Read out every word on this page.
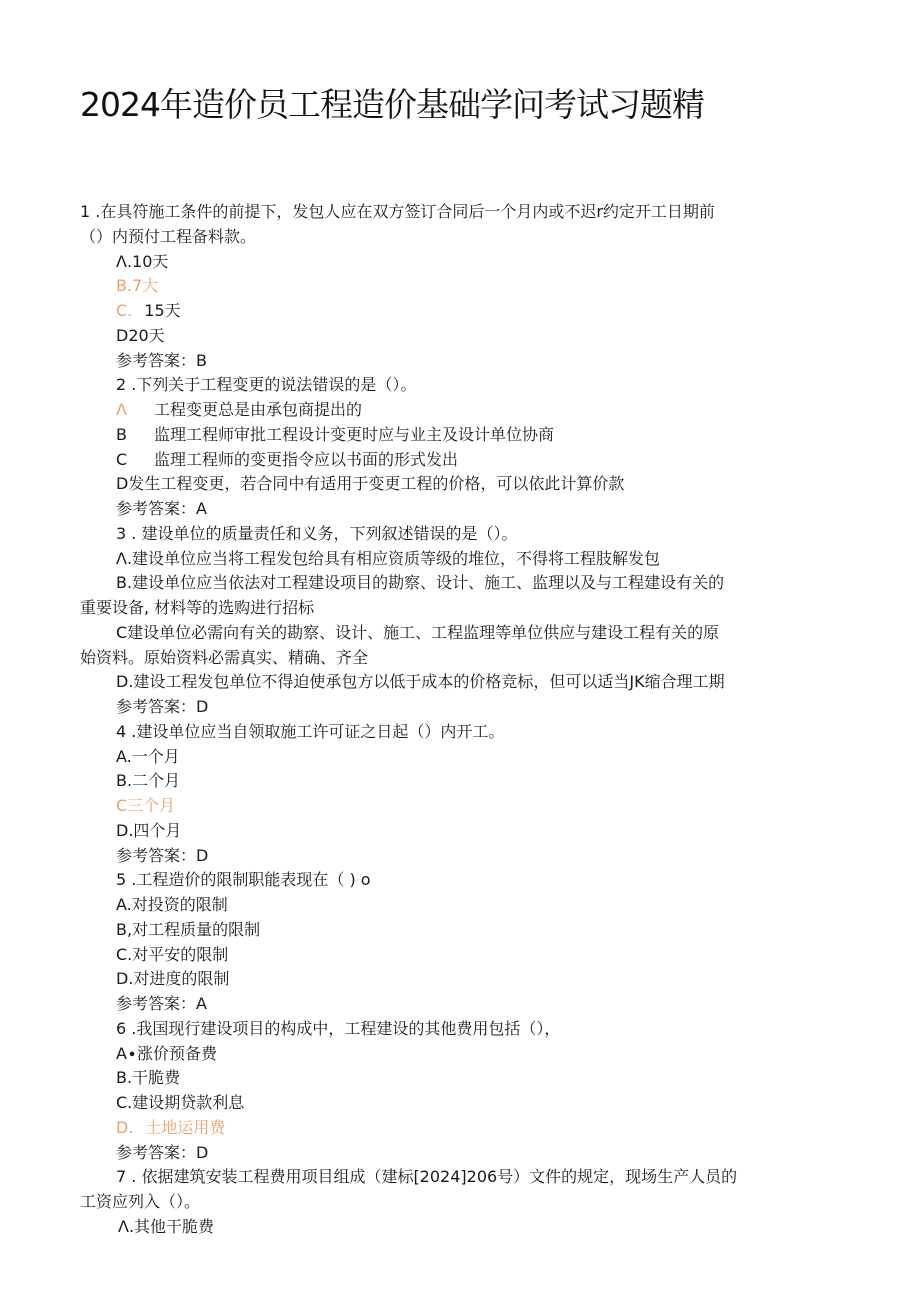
2024年造价员工程造价基础学问考试习题精
1 .在具符施工条件的前提下，发包人应在双方签订合同后一个月内或不迟r约定开工日期前
（）内预付工程备料款。
Λ.10天
B.7大
C. 15天
D20天
参考答案：B
2 .下列关于工程变更的说法错误的是（）。
Λ 工程变更总是由承包商提出的
B 监理工程师审批工程设计变更时应与业主及设计单位协商
C 监理工程师的变更指令应以书面的形式发出
D发生工程变更，若合同中有适用于变更工程的价格，可以依此计算价款
参考答案：A
3 . 建设单位的质量责任和义务，下列叙述错误的是（）。
Λ.建设单位应当将工程发包给具有相应资质等级的堆位，不得将工程肢解发包
B.建设单位应当依法对工程建设项目的勘察、设计、施工、监理以及与工程建设有关的
重要设备, 材料等的选购进行招标
C建设单位必需向有关的勘察、设计、施工、工程监理等单位供应与建设工程有关的原
始资料。原始资料必需真实、精确、齐全
D.建设工程发包单位不得迫使承包方以低于成本的价格竞标，但可以适当JK缩合理工期
参考答案：D
4 .建设单位应当自领取施工许可证之日起（）内开工。
A.一个月
B.二个月
C三个月
D.四个月
参考答案：D
5 .工程造价的限制职能表现在（ ) o
A.对投资的限制
B,对工程质量的限制
C.对平安的限制
D.对进度的限制
参考答案：A
6 .我国现行建设项目的构成中，工程建设的其他费用包括（），
A∙涨价预备费
B.干脆费
C.建设期贷款利息
D. 土地运用费
参考答案：D
7 . 依据建筑安装工程费用项目组成（建标[2024]206号）文件的规定，现场生产人员的
工资应列入（）。
Λ.其他干脆费
